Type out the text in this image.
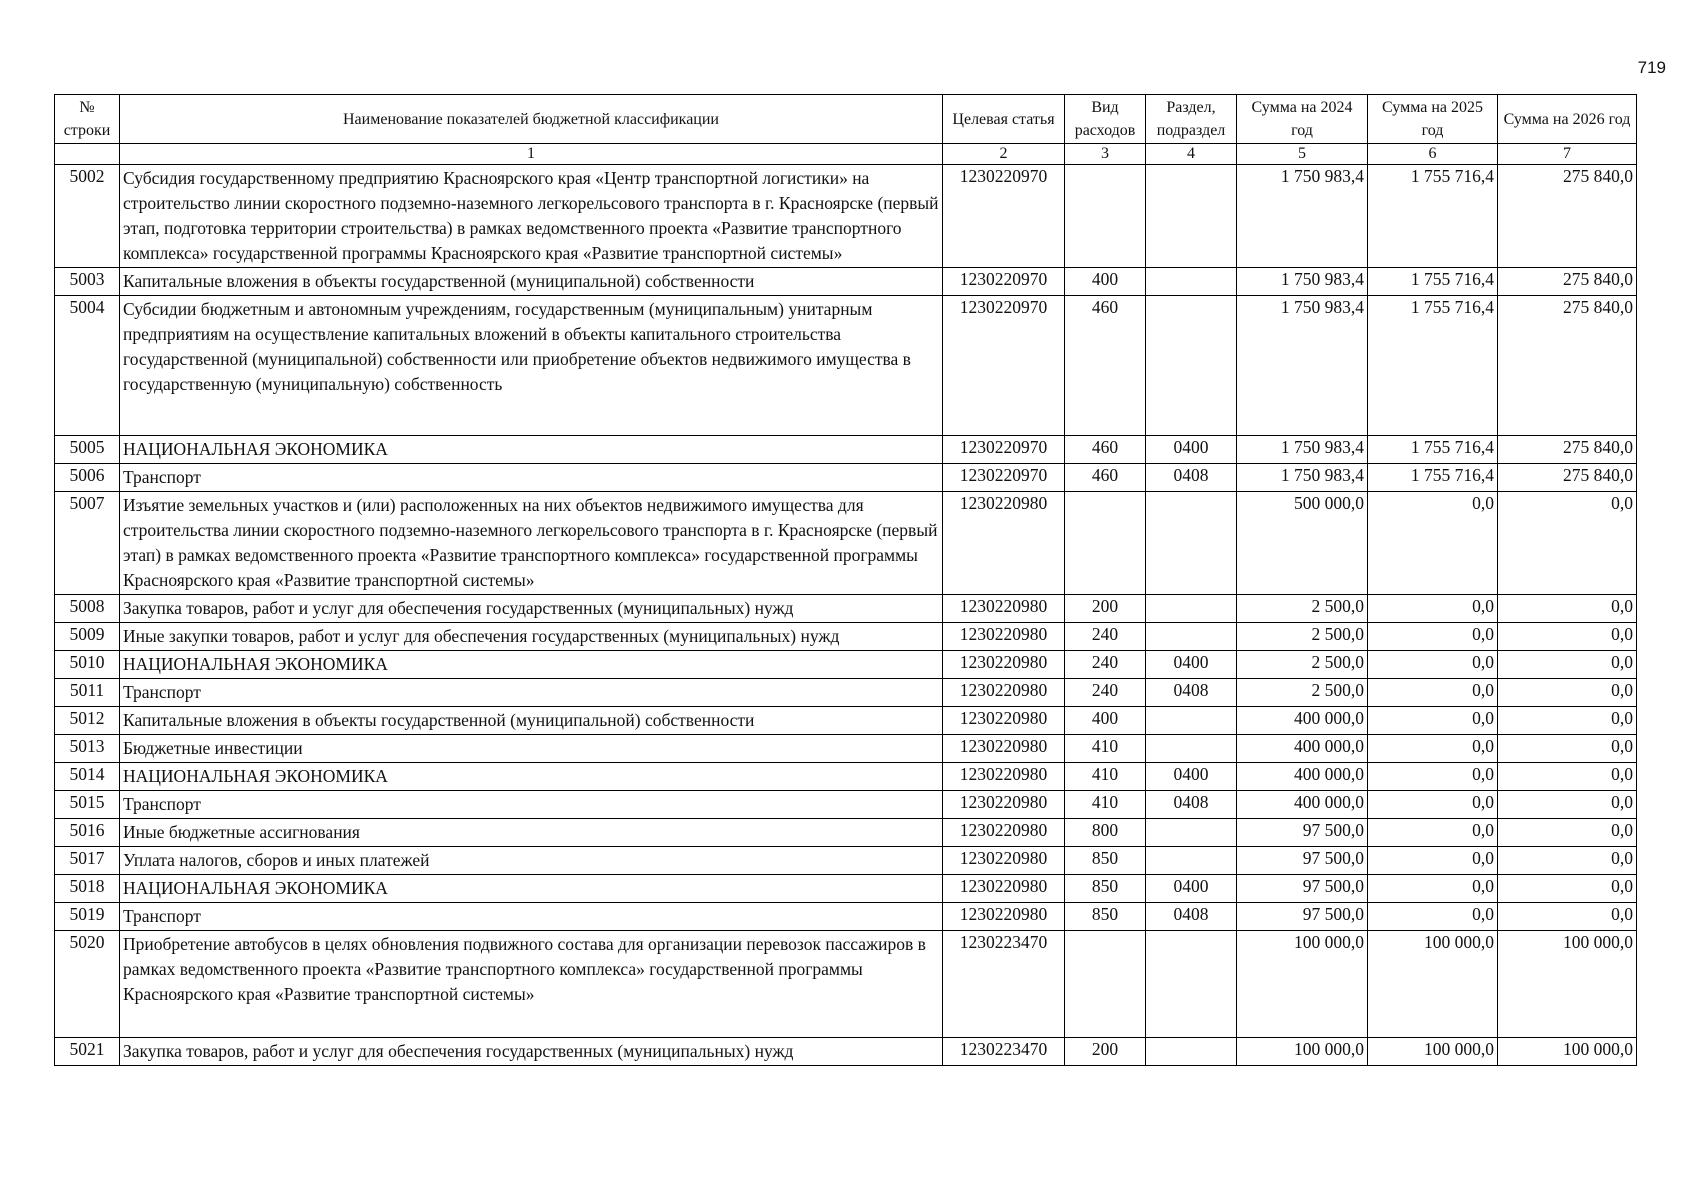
719
№ строки	Наименование показателей бюджетной классификации	Целевая статья	Вид расходов	Раздел, подраздел	Сумма на 2024 год	Сумма на 2025 год	Сумма на 2026 год
	1	2	3	4	5	6	7
5002	Субсидия государственному предприятию Красноярского края «Центр транспортной логистики» на строительство линии скоростного подземно-наземного легкорельсового транспорта в г. Красноярске (первый этап, подготовка территории строительства) в рамках ведомственного проекта «Развитие транспортного комплекса» государственной программы Красноярского края «Развитие транспортной системы»	1230220970			1 750 983,4	1 755 716,4	275 840,0
5003	Капитальные вложения в объекты государственной (муниципальной) собственности	1230220970	400		1 750 983,4	1 755 716,4	275 840,0
5004	Субсидии бюджетным и автономным учреждениям, государственным (муниципальным) унитарным предприятиям на осуществление капитальных вложений в объекты капитального строительства государственной (муниципальной) собственности или приобретение объектов недвижимого имущества в государственную (муниципальную) собственность	1230220970	460		1 750 983,4	1 755 716,4	275 840,0
5005	НАЦИОНАЛЬНАЯ ЭКОНОМИКА	1230220970	460	0400	1 750 983,4	1 755 716,4	275 840,0
5006	Транспорт	1230220970	460	0408	1 750 983,4	1 755 716,4	275 840,0
5007	Изъятие земельных участков и (или) расположенных на них объектов недвижимого имущества для строительства линии скоростного подземно-наземного легкорельсового транспорта в г. Красноярске (первый этап) в рамках ведомственного проекта «Развитие транспортного комплекса» государственной программы Красноярского края «Развитие транспортной системы»	1230220980			500 000,0	0,0	0,0
5008	Закупка товаров, работ и услуг для обеспечения государственных (муниципальных) нужд	1230220980	200		2 500,0	0,0	0,0
5009	Иные закупки товаров, работ и услуг для обеспечения государственных (муниципальных) нужд	1230220980	240		2 500,0	0,0	0,0
5010	НАЦИОНАЛЬНАЯ ЭКОНОМИКА	1230220980	240	0400	2 500,0	0,0	0,0
5011	Транспорт	1230220980	240	0408	2 500,0	0,0	0,0
5012	Капитальные вложения в объекты государственной (муниципальной) собственности	1230220980	400		400 000,0	0,0	0,0
5013	Бюджетные инвестиции	1230220980	410		400 000,0	0,0	0,0
5014	НАЦИОНАЛЬНАЯ ЭКОНОМИКА	1230220980	410	0400	400 000,0	0,0	0,0
5015	Транспорт	1230220980	410	0408	400 000,0	0,0	0,0
5016	Иные бюджетные ассигнования	1230220980	800		97 500,0	0,0	0,0
5017	Уплата налогов, сборов и иных платежей	1230220980	850		97 500,0	0,0	0,0
5018	НАЦИОНАЛЬНАЯ ЭКОНОМИКА	1230220980	850	0400	97 500,0	0,0	0,0
5019	Транспорт	1230220980	850	0408	97 500,0	0,0	0,0
5020	Приобретение автобусов в целях обновления подвижного состава для организации перевозок пассажиров в рамках ведомственного проекта «Развитие транспортного комплекса» государственной программы Красноярского края «Развитие транспортной системы»	1230223470			100 000,0	100 000,0	100 000,0
5021	Закупка товаров, работ и услуг для обеспечения государственных (муниципальных) нужд	1230223470	200		100 000,0	100 000,0	100 000,0
